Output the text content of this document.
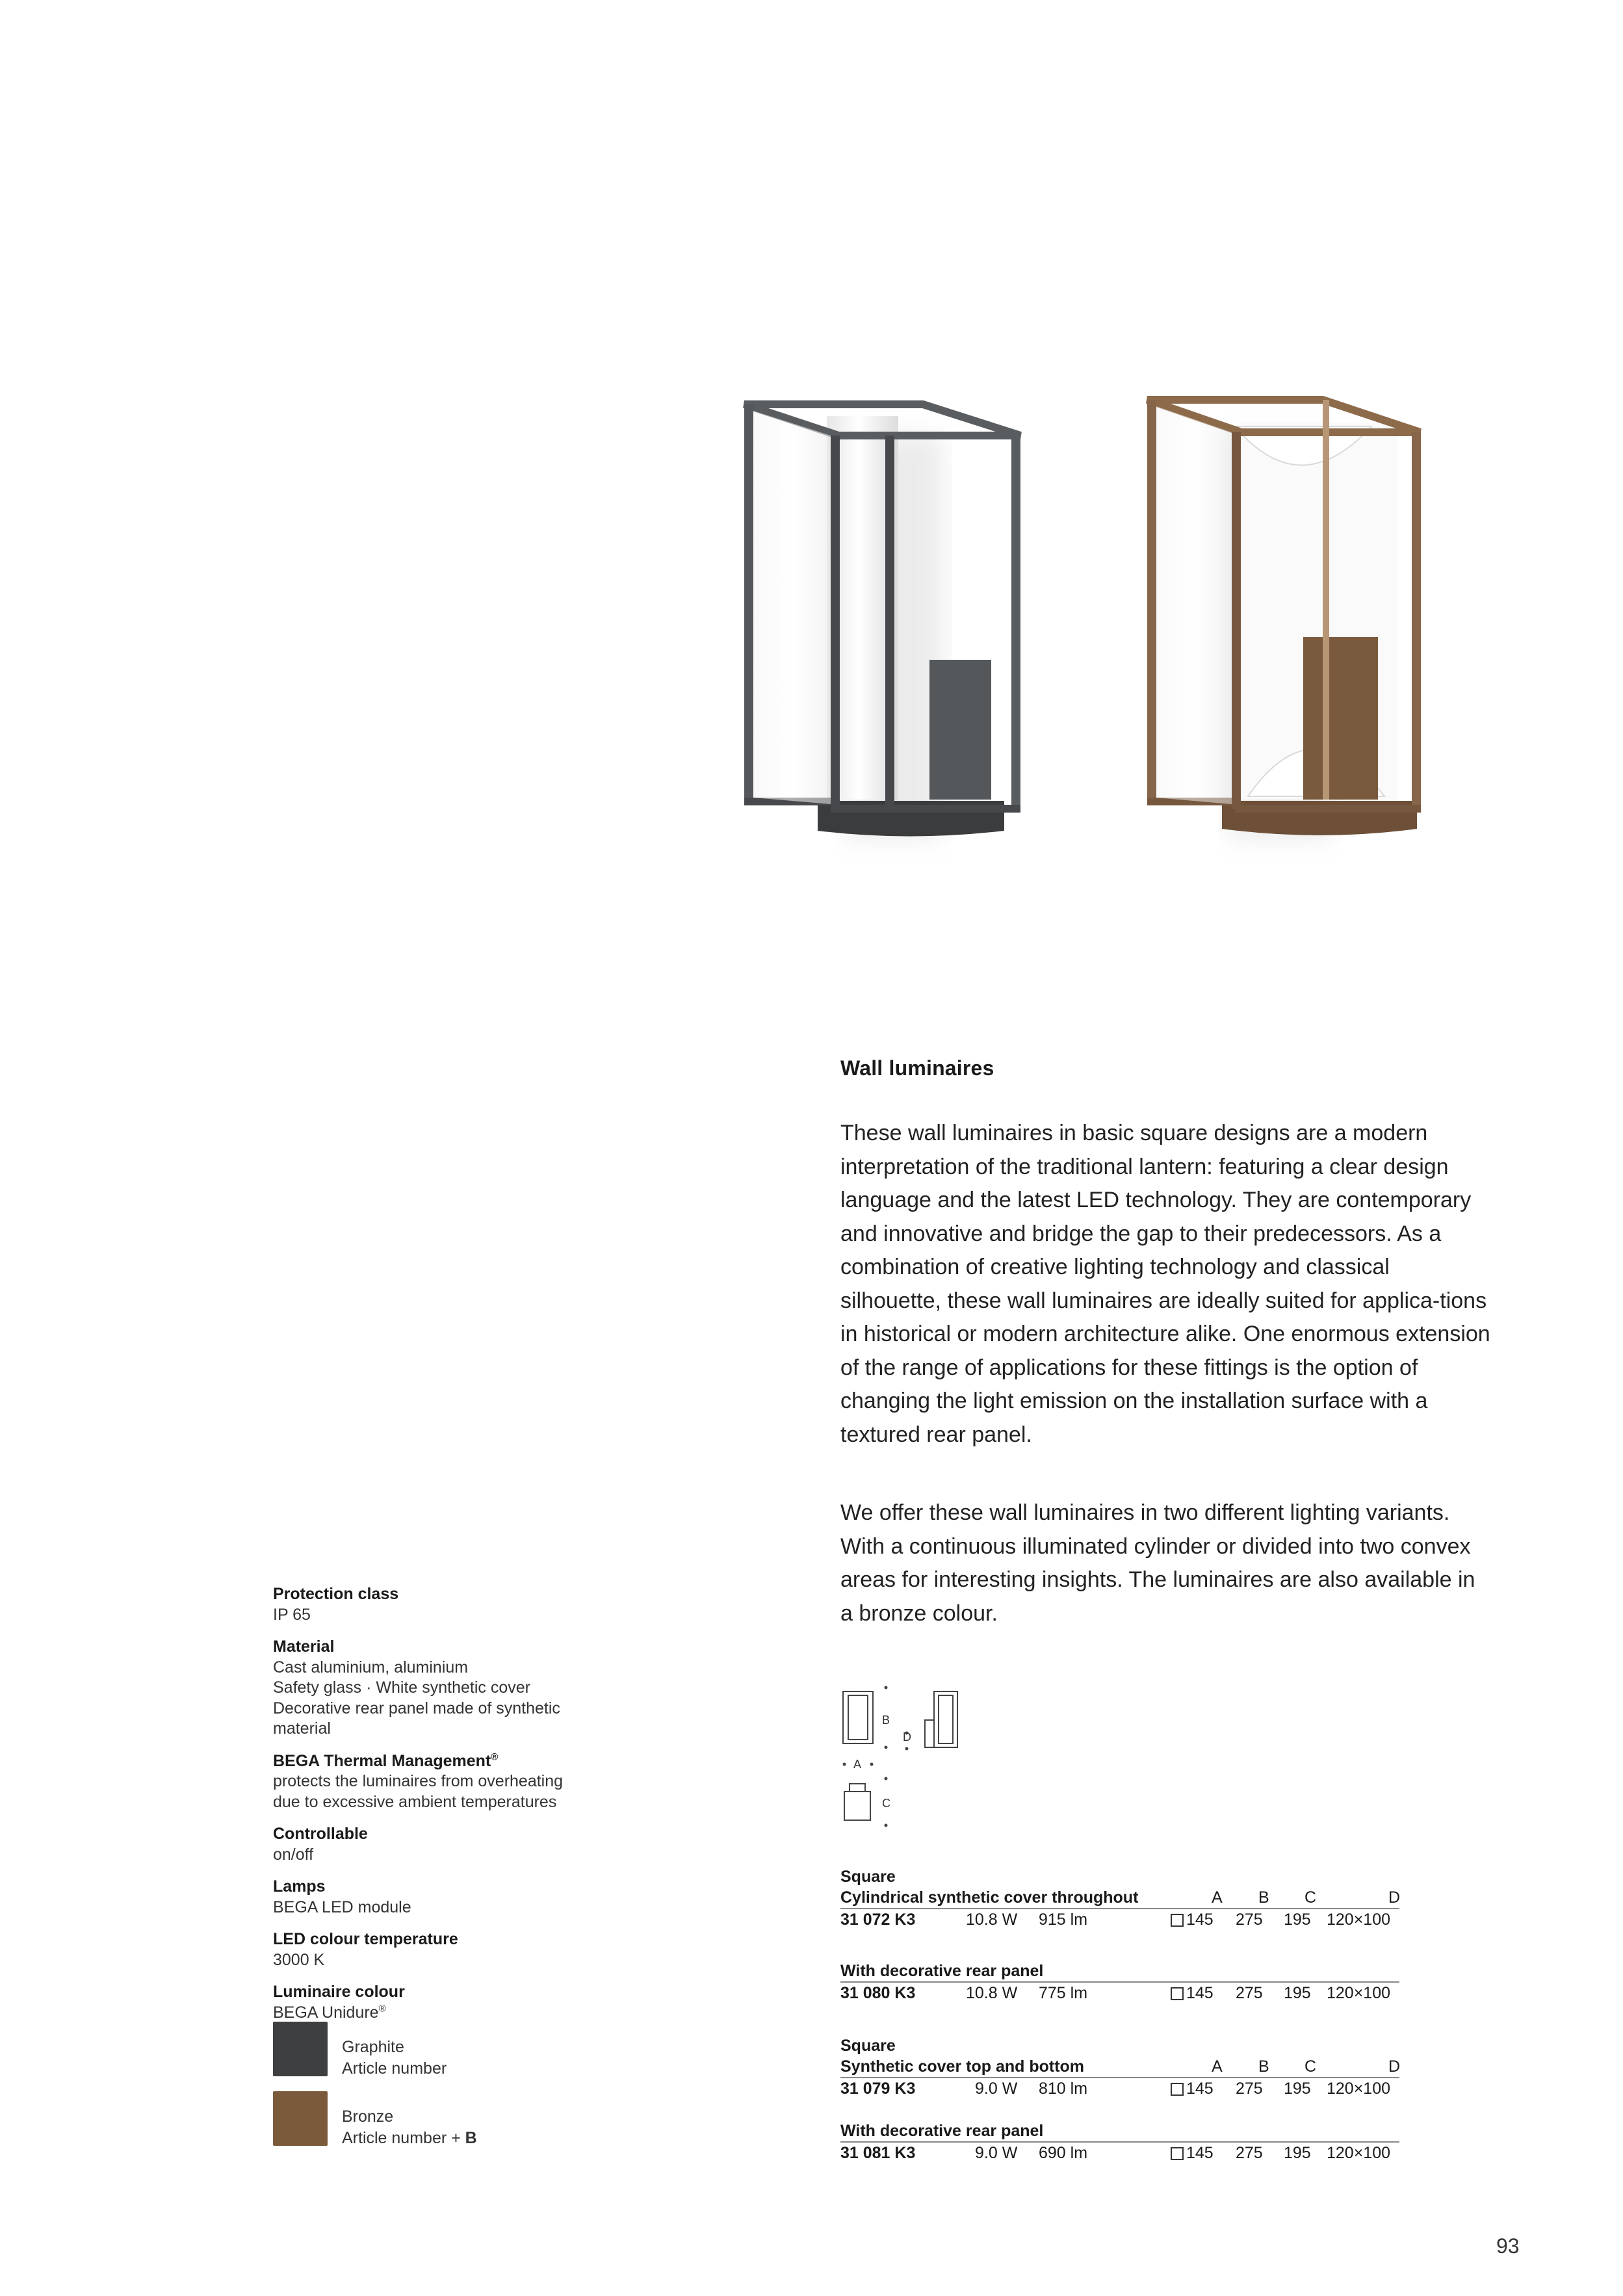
Wall luminaires
These wall luminaires in basic square designs are a modern interpretation of the traditional lantern: featuring a clear design language and the latest LED technology. They are contemporary and innovative and bridge the gap to their predecessors. As a combination of creative lighting technology and classical silhouette, these wall luminaires are ideally suited for applica-tions in historical or modern architecture alike. One enormous extension of the range of applications for these fittings is the option of changing the light emission on the installation surface with a textured rear panel.
We offer these wall luminaires in two different lighting variants. With a continuous illuminated cylinder or divided into two convex areas for interesting insights. The luminaires are also available in a bronze colour.
Protection class
IP 65
Material
Cast aluminium, aluminium
Safety glass · White synthetic cover
Decorative rear panel made of synthetic
material
BEGA Thermal Management®
protects the luminaires from overheating
due to excessive ambient temperatures
Controllable
on/off
Lamps
BEGA LED module
LED colour temperature
3000 K
Luminaire colour
BEGA Unidure®
Graphite
Article number
Bronze
Article number + B
B
D
A
C
Square
Cylindrical synthetic cover throughout	A B C	D
31 072 K3	10.8 W 915 lm	145 275 195 120×100
With decorative rear panel
31 080 K3	10.8 W 775 lm	145 275 195 120×100
Square
Synthetic cover top and bottom	A B C	D
31 079 K3	9.0 W 810 lm	145 275 195 120×100
With decorative rear panel
31 081 K3	9.0 W 690 lm	145 275 195 120×100
93
